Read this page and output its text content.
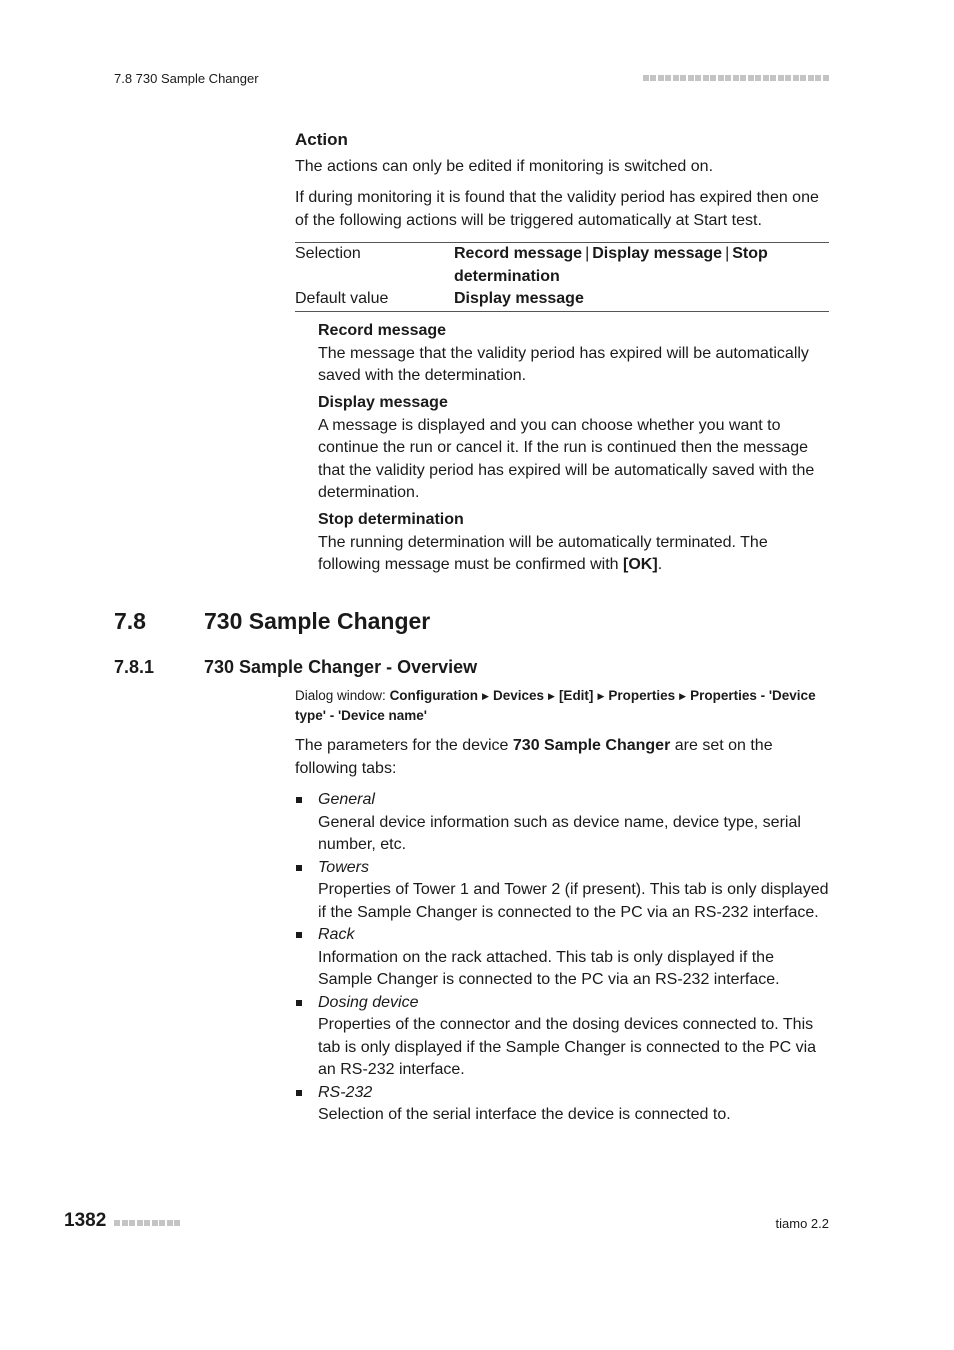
7.8 730 Sample Changer
Action

The actions can only be edited if monitoring is switched on.

If during monitoring it is found that the validity period has expired then one of the following actions will be triggered automatically at Start test.

Selection	Record message | Display message | Stop determination
Default value	Display message
Record message
The message that the validity period has expired will be automatically saved with the determination.
Display message
A message is displayed and you can choose whether you want to continue the run or cancel it. If the run is continued then the message that the validity period has expired will be automatically saved with the determination.
Stop determination
The running determination will be automatically terminated. The following message must be confirmed with [OK].
7.8	730 Sample Changer
7.8.1	730 Sample Changer - Overview
Dialog window: Configuration ▶ Devices ▶ [Edit] ▶ Properties ▶ Properties - 'Device type' - 'Device name'

The parameters for the device 730 Sample Changer are set on the following tabs:

General
General device information such as device name, device type, serial number, etc.
Towers
Properties of Tower 1 and Tower 2 (if present). This tab is only displayed if the Sample Changer is connected to the PC via an RS-232 interface.
Rack
Information on the rack attached. This tab is only displayed if the Sample Changer is connected to the PC via an RS-232 interface.
Dosing device
Properties of the connector and the dosing devices connected to. This tab is only displayed if the Sample Changer is connected to the PC via an RS-232 interface.
RS-232
Selection of the serial interface the device is connected to.
1382	tiamo 2.2
